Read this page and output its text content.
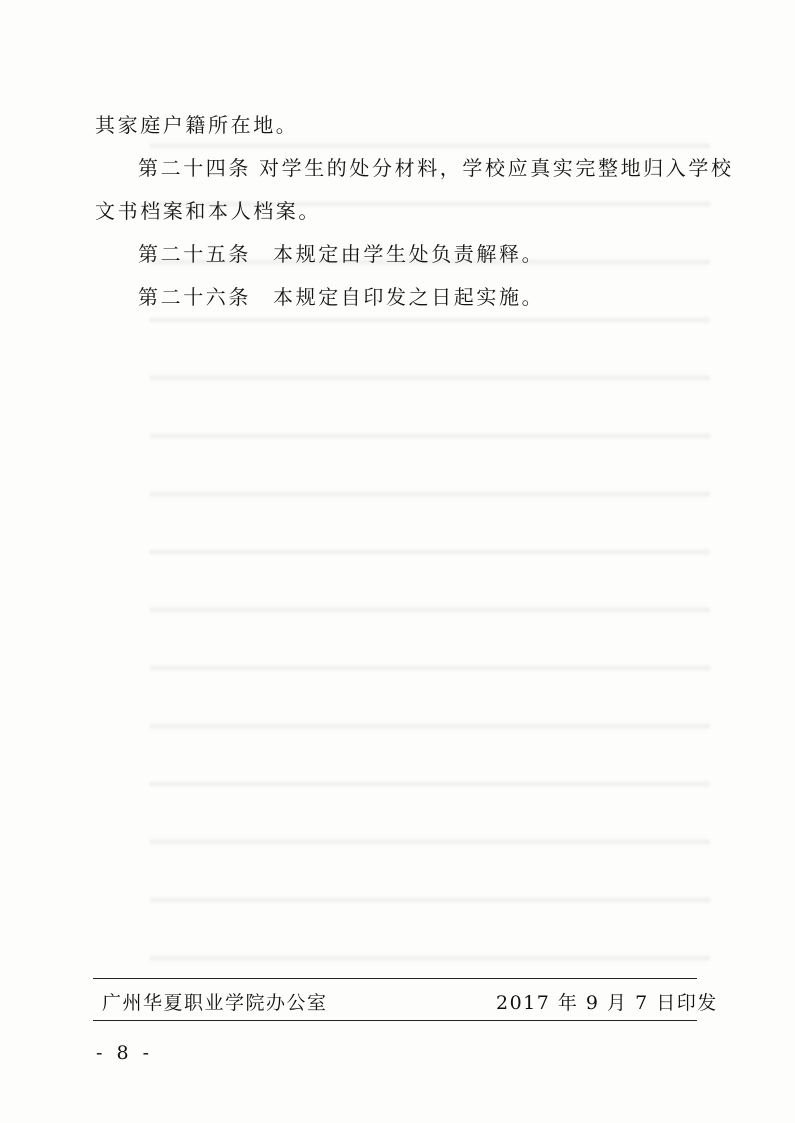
其家庭户籍所在地。
第二十四条 对学生的处分材料，学校应真实完整地归入学校
文书档案和本人档案。
第二十五条 本规定由学生处负责解释。
第二十六条 本规定自印发之日起实施。
广州华夏职业学院办公室	2017 年 9 月 7 日印发
- 8 -
